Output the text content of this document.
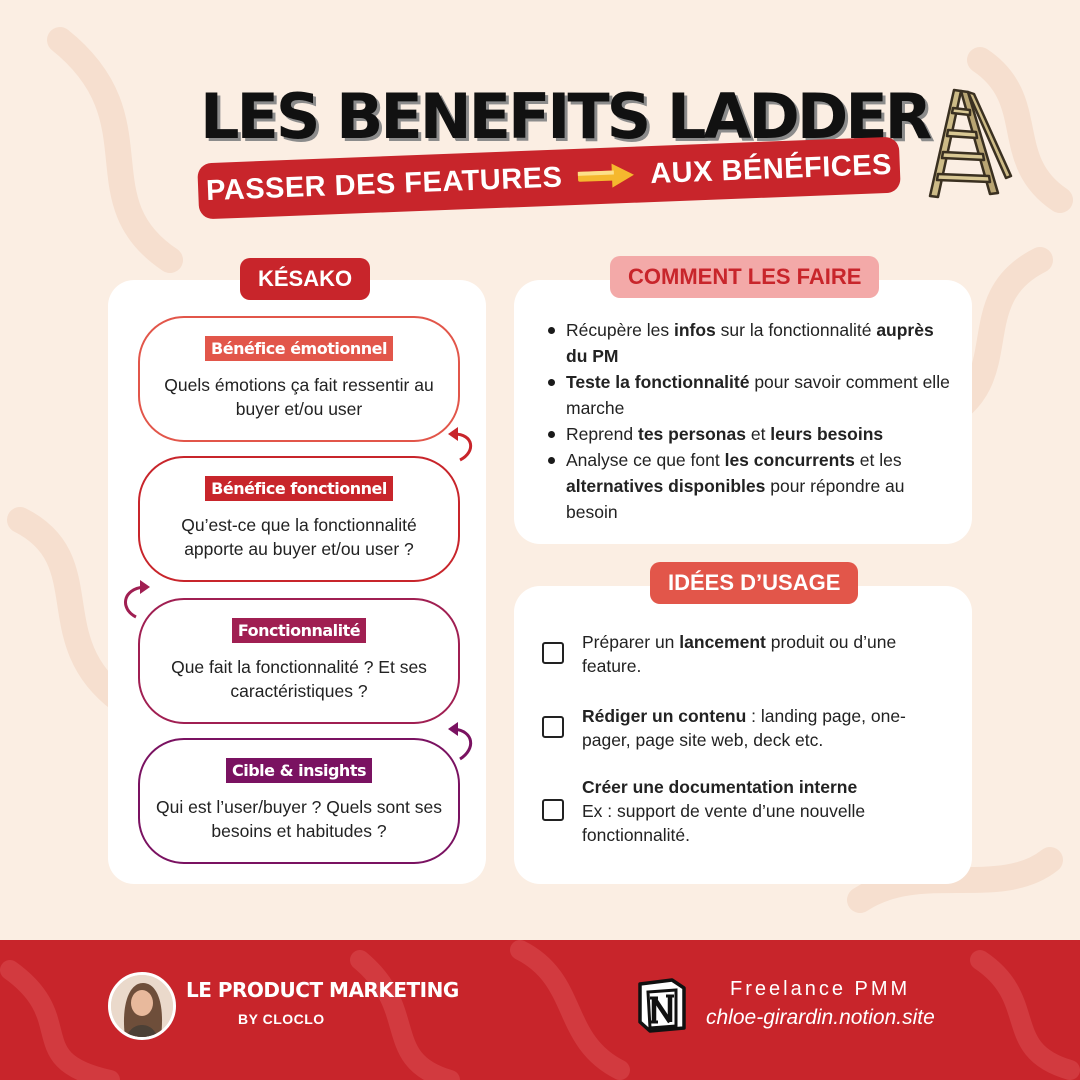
LES BENEFITS LADDER
PASSER DES FEATURES	AUX BÉNÉFICES
KÉSAKO
Bénéfice émotionnel
Quels émotions ça fait ressentir au buyer et/ou user
Bénéfice fonctionnel
Qu’est-ce que la fonctionnalité apporte au buyer et/ou user ?
Fonctionnalité
Que fait la fonctionnalité ? Et ses caractéristiques ?
Cible & insights
Qui est l’user/buyer ? Quels sont ses besoins et habitudes ?
COMMENT LES FAIRE
Récupère les infos sur la fonctionnalité auprès du PM
Teste la fonctionnalité pour savoir comment elle marche
Reprend tes personas et leurs besoins
Analyse ce que font les concurrents et les alternatives disponibles pour répondre au besoin
IDÉES D’USAGE
Préparer un lancement produit ou d’une feature.
Rédiger un contenu : landing page, one-pager, page site web, deck etc.
Créer une documentation interne
Ex : support de vente d’une nouvelle fonctionnalité.
LE PRODUCT MARKETING
BY CLOCLO
Freelance PMM
chloe-girardin.notion.site
